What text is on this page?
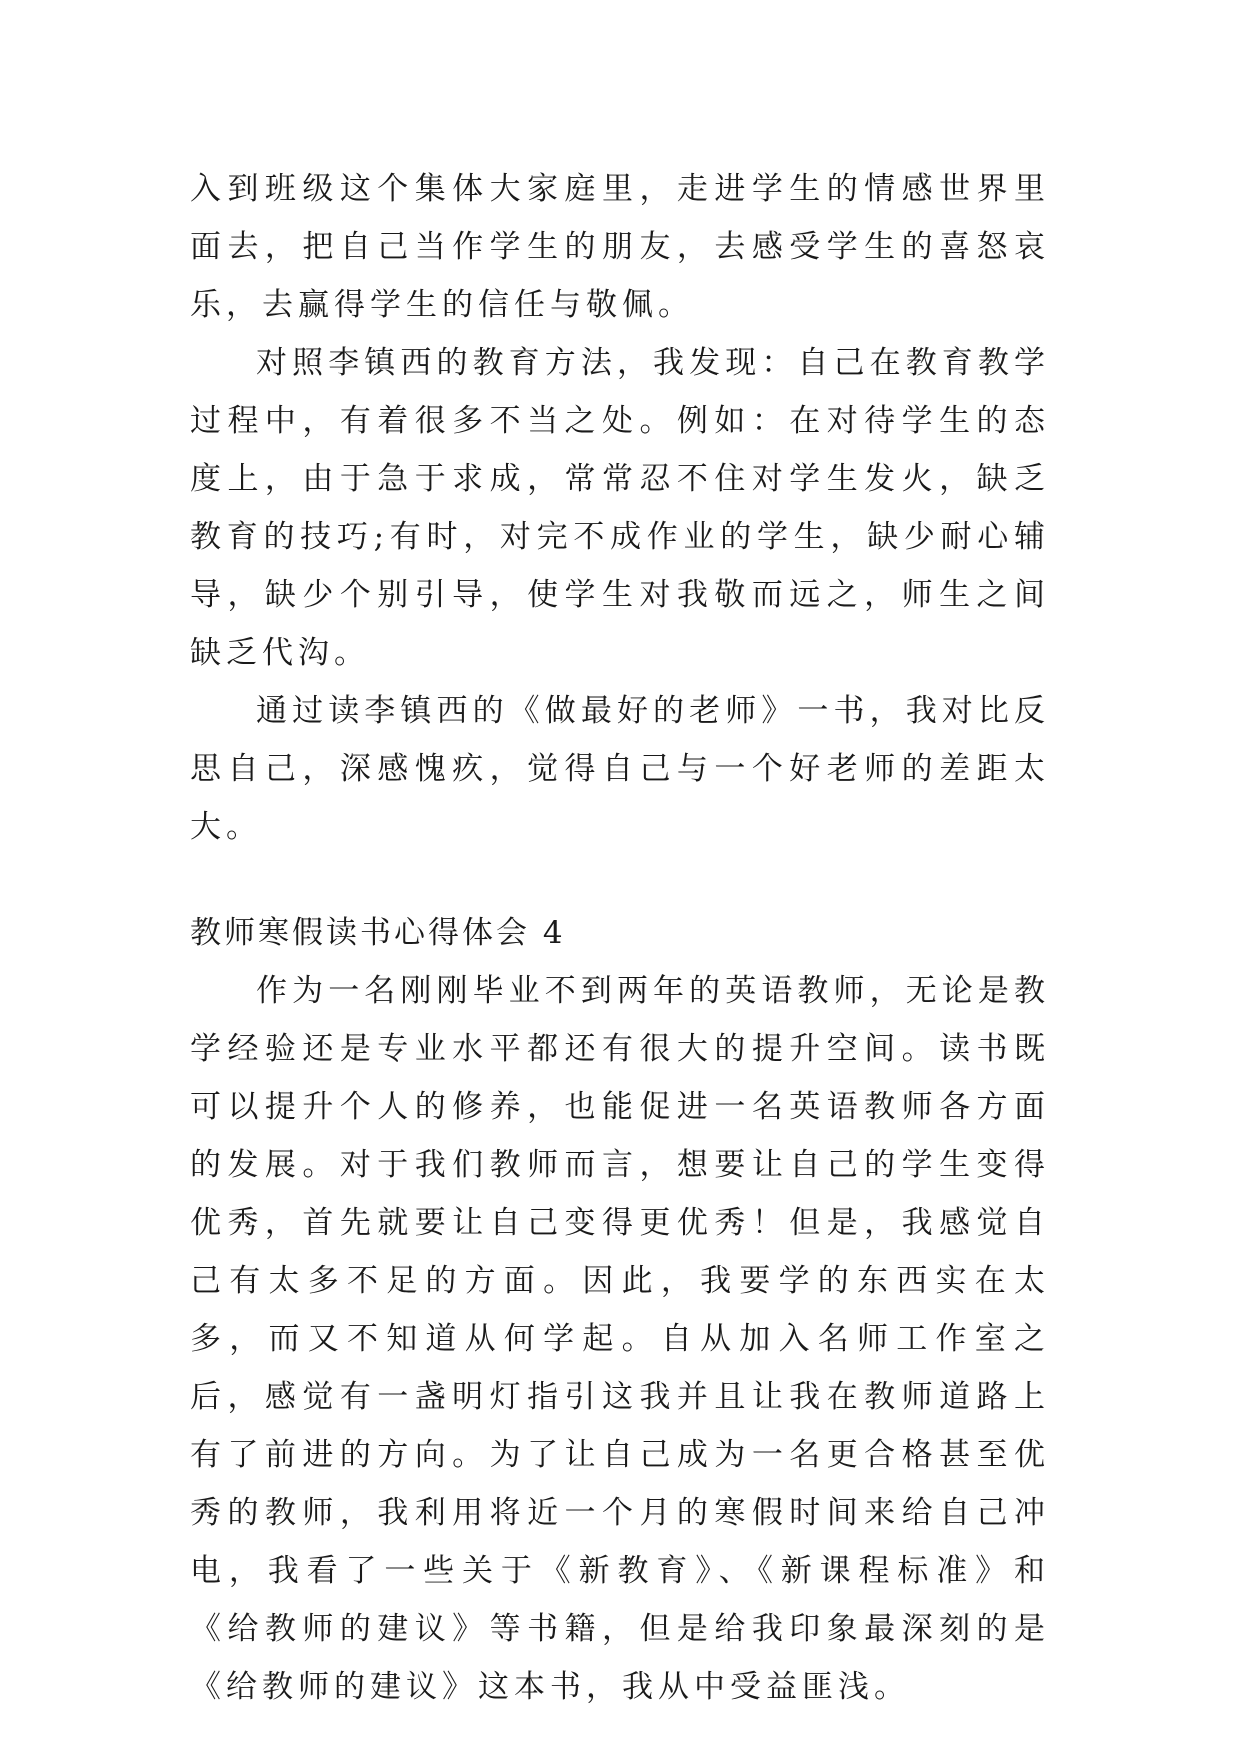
入到班级这个集体大家庭里，走进学生的情感世界里面去，把自己当作学生的朋友，去感受学生的喜怒哀乐，去赢得学生的信任与敬佩。

对照李镇西的教育方法，我发现：自己在教育教学过程中，有着很多不当之处。例如：在对待学生的态度上，由于急于求成，常常忍不住对学生发火，缺乏教育的技巧;有时，对完不成作业的学生，缺少耐心辅导，缺少个别引导，使学生对我敬而远之，师生之间缺乏代沟。

通过读李镇西的《做最好的老师》一书，我对比反思自己，深感愧疚，觉得自己与一个好老师的差距太大。

教师寒假读书心得体会 4

作为一名刚刚毕业不到两年的英语教师，无论是教学经验还是专业水平都还有很大的提升空间。读书既可以提升个人的修养，也能促进一名英语教师各方面的发展。对于我们教师而言，想要让自己的学生变得优秀，首先就要让自己变得更优秀！但是，我感觉自己有太多不足的方面。因此，我要学的东西实在太多，而又不知道从何学起。自从加入名师工作室之后，感觉有一盏明灯指引这我并且让我在教师道路上有了前进的方向。为了让自己成为一名更合格甚至优秀的教师，我利用将近一个月的寒假时间来给自己冲电，我看了一些关于《新教育》、《新课程标准》和《给教师的建议》等书籍，但是给我印象最深刻的是《给教师的建议》这本书，我从中受益匪浅。
